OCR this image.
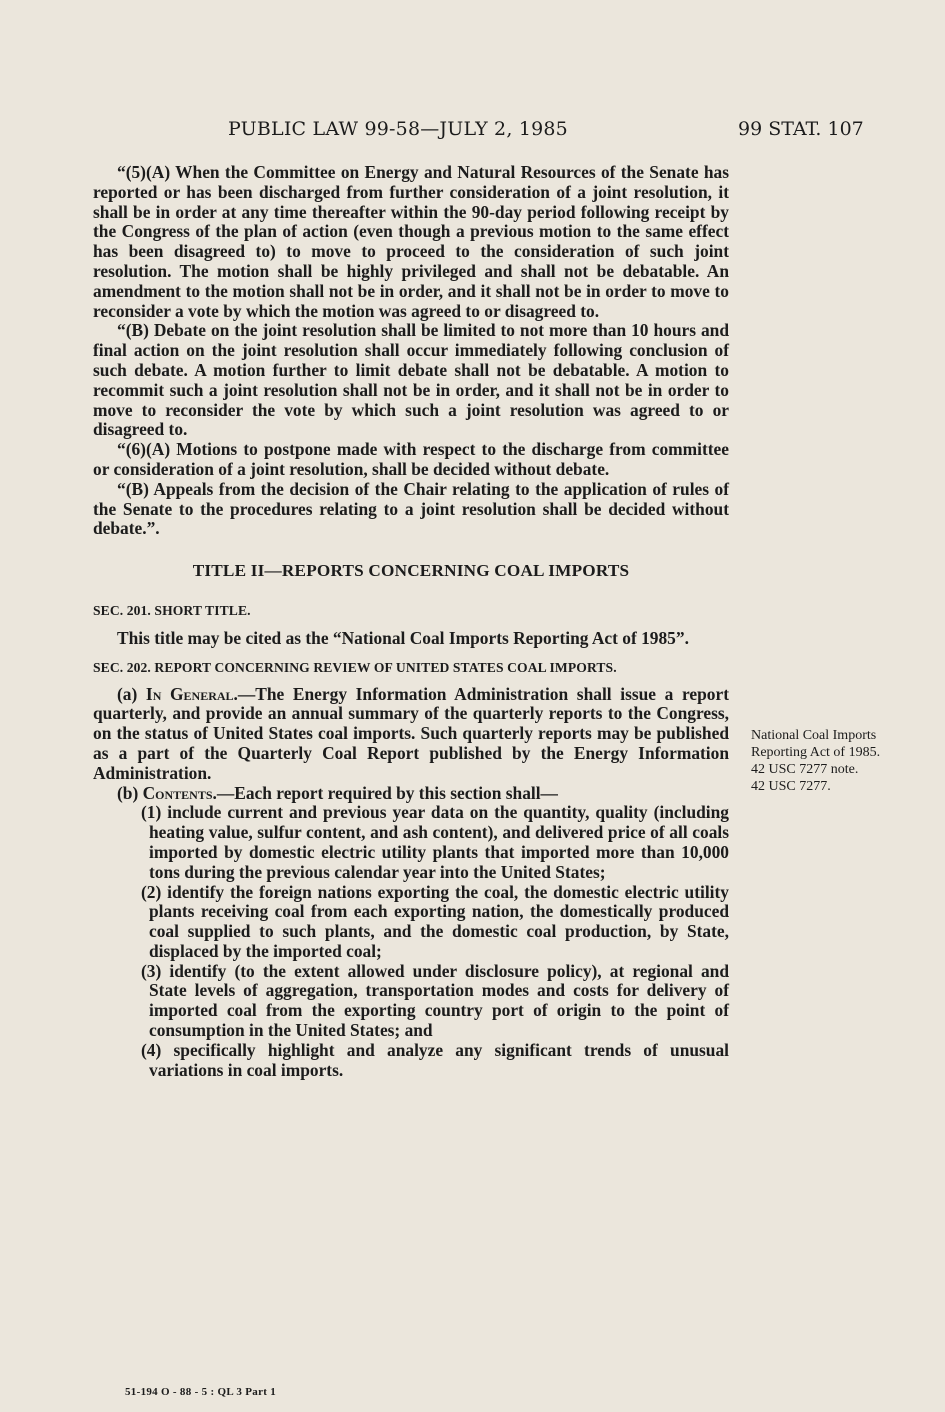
PUBLIC LAW 99-58—JULY 2, 1985	99 STAT. 107

“(5)(A) When the Committee on Energy and Natural Resources of the Senate has reported or has been discharged from further consideration of a joint resolution, it shall be in order at any time thereafter within the 90-day period following receipt by the Congress of the plan of action (even though a previous motion to the same effect has been disagreed to) to move to proceed to the consideration of such joint resolution. The motion shall be highly privileged and shall not be debatable. An amendment to the motion shall not be in order, and it shall not be in order to move to reconsider a vote by which the motion was agreed to or disagreed to.

“(B) Debate on the joint resolution shall be limited to not more than 10 hours and final action on the joint resolution shall occur immediately following conclusion of such debate. A motion further to limit debate shall not be debatable. A motion to recommit such a joint resolution shall not be in order, and it shall not be in order to move to reconsider the vote by which such a joint resolution was agreed to or disagreed to.

“(6)(A) Motions to postpone made with respect to the discharge from committee or consideration of a joint resolution, shall be decided without debate.

“(B) Appeals from the decision of the Chair relating to the application of rules of the Senate to the procedures relating to a joint resolution shall be decided without debate.”.

TITLE II—REPORTS CONCERNING COAL IMPORTS
SEC. 201. SHORT TITLE.

This title may be cited as the “National Coal Imports Reporting Act of 1985”.

SEC. 202. REPORT CONCERNING REVIEW OF UNITED STATES COAL IMPORTS.

(a) In General.—The Energy Information Administration shall issue a report quarterly, and provide an annual summary of the quarterly reports to the Congress, on the status of United States coal imports. Such quarterly reports may be published as a part of the Quarterly Coal Report published by the Energy Information Administration.

(b) Contents.—Each report required by this section shall—

(1) include current and previous year data on the quantity, quality (including heating value, sulfur content, and ash content), and delivered price of all coals imported by domestic electric utility plants that imported more than 10,000 tons during the previous calendar year into the United States;

(2) identify the foreign nations exporting the coal, the domestic electric utility plants receiving coal from each exporting nation, the domestically produced coal supplied to such plants, and the domestic coal production, by State, displaced by the imported coal;

(3) identify (to the extent allowed under disclosure policy), at regional and State levels of aggregation, transportation modes and costs for delivery of imported coal from the exporting country port of origin to the point of consumption in the United States; and

(4) specifically highlight and analyze any significant trends of unusual variations in coal imports.

National Coal Imports Reporting Act of 1985.
42 USC 7277 note.
42 USC 7277.
51-194 O - 88 - 5 : QL 3 Part 1
